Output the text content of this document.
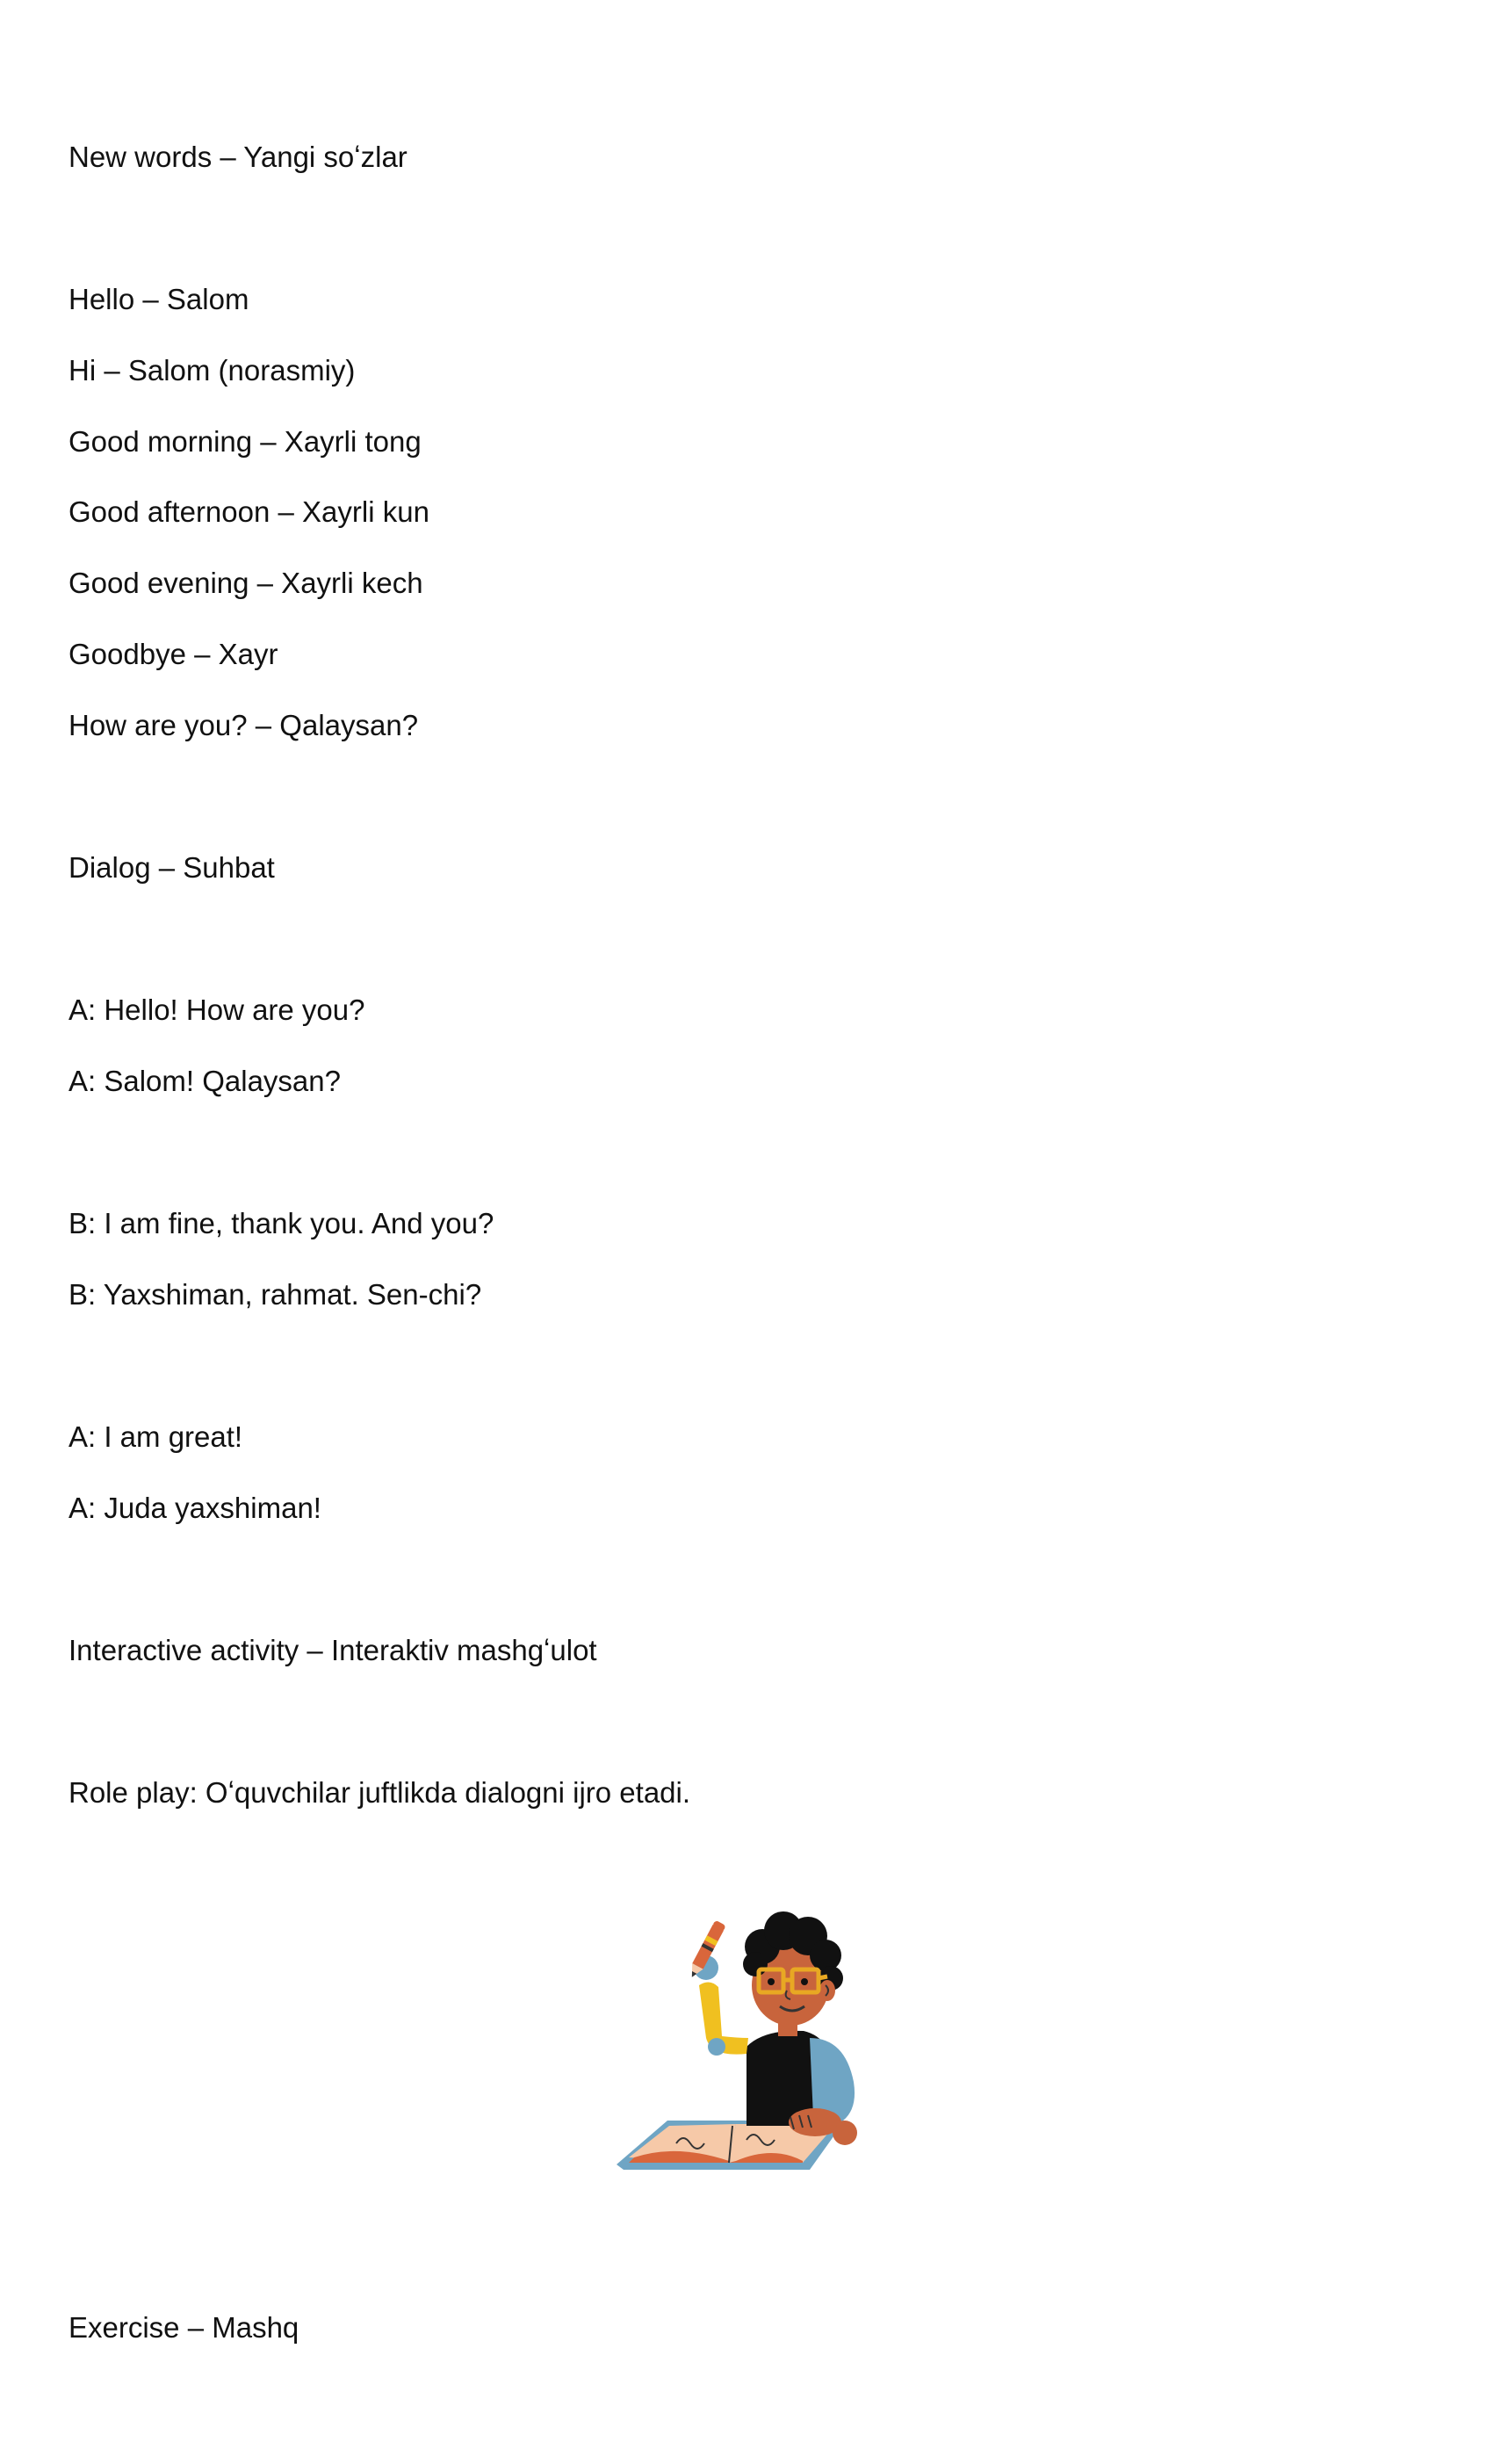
New words – Yangi soʻzlar
Hello – Salom
Hi – Salom (norasmiy)
Good morning – Xayrli tong
Good afternoon – Xayrli kun
Good evening – Xayrli kech
Goodbye – Xayr
How are you? – Qalaysan?
Dialog – Suhbat
A: Hello! How are you?
A: Salom! Qalaysan?
B: I am fine, thank you. And you?
B: Yaxshiman, rahmat. Sen-chi?
A: I am great!
A: Juda yaxshiman!
Interactive activity – Interaktiv mashgʻulot
Role play: Oʻquvchilar juftlikda dialogni ijro etadi.
Exercise – Mashq
